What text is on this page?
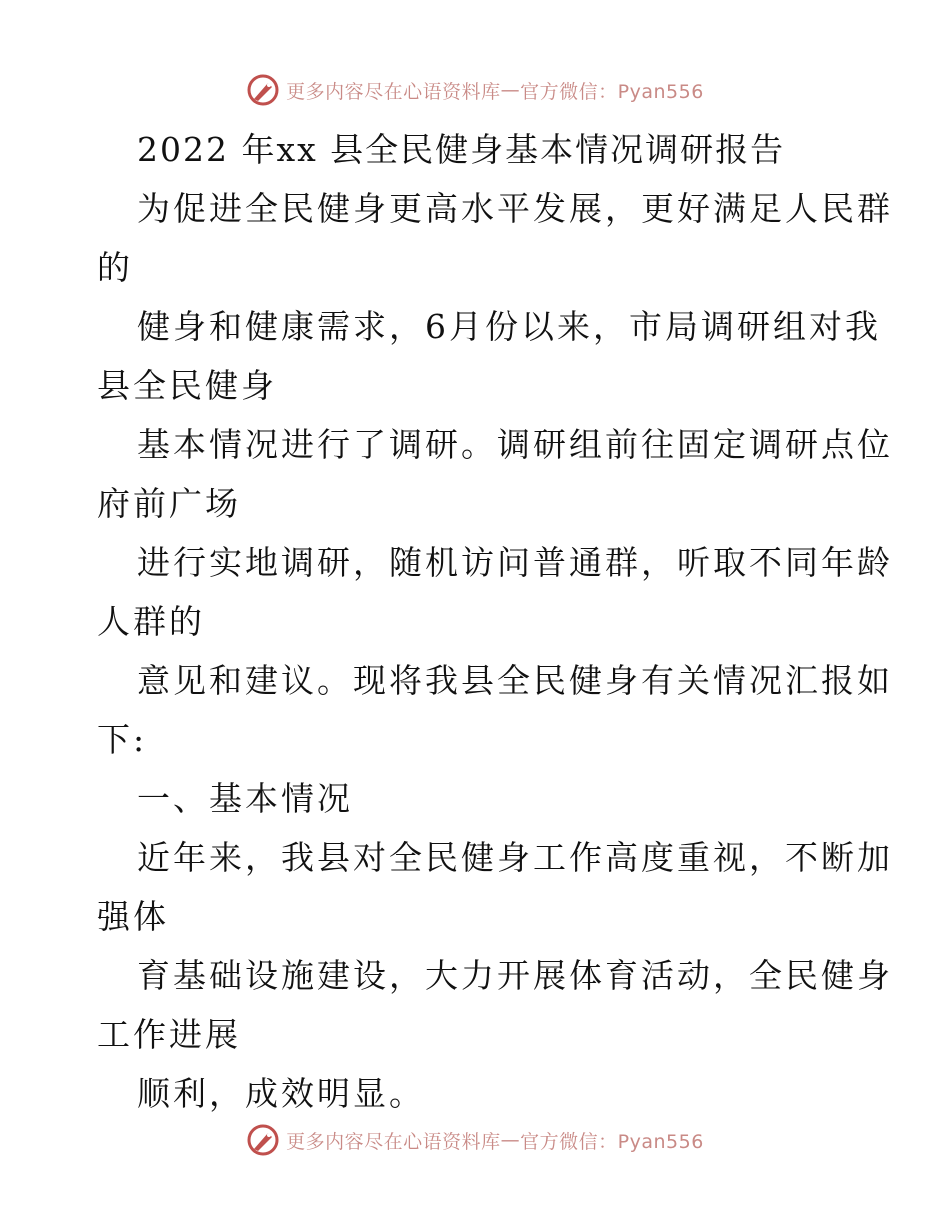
更多内容尽在心语资料库 — 官方微信：Pyan556
2022 年xx 县全民健身基本情况调研报告
为促进全民健身更高水平发展，更好满足人民群
的
健身和健康需求，6月份以来，市局调研组对我
县全民健身
基本情况进行了调研。调研组前往固定调研点位
府前广场
进行实地调研，随机访问普通群，听取不同年龄
人群的
意见和建议。现将我县全民健身有关情况汇报如
下:
一、基本情况
近年来，我县对全民健身工作高度重视，不断加
强体
育基础设施建设，大力开展体育活动，全民健身
工作进展
顺利，成效明显。
更多内容尽在心语资料库 — 官方微信：Pyan556
